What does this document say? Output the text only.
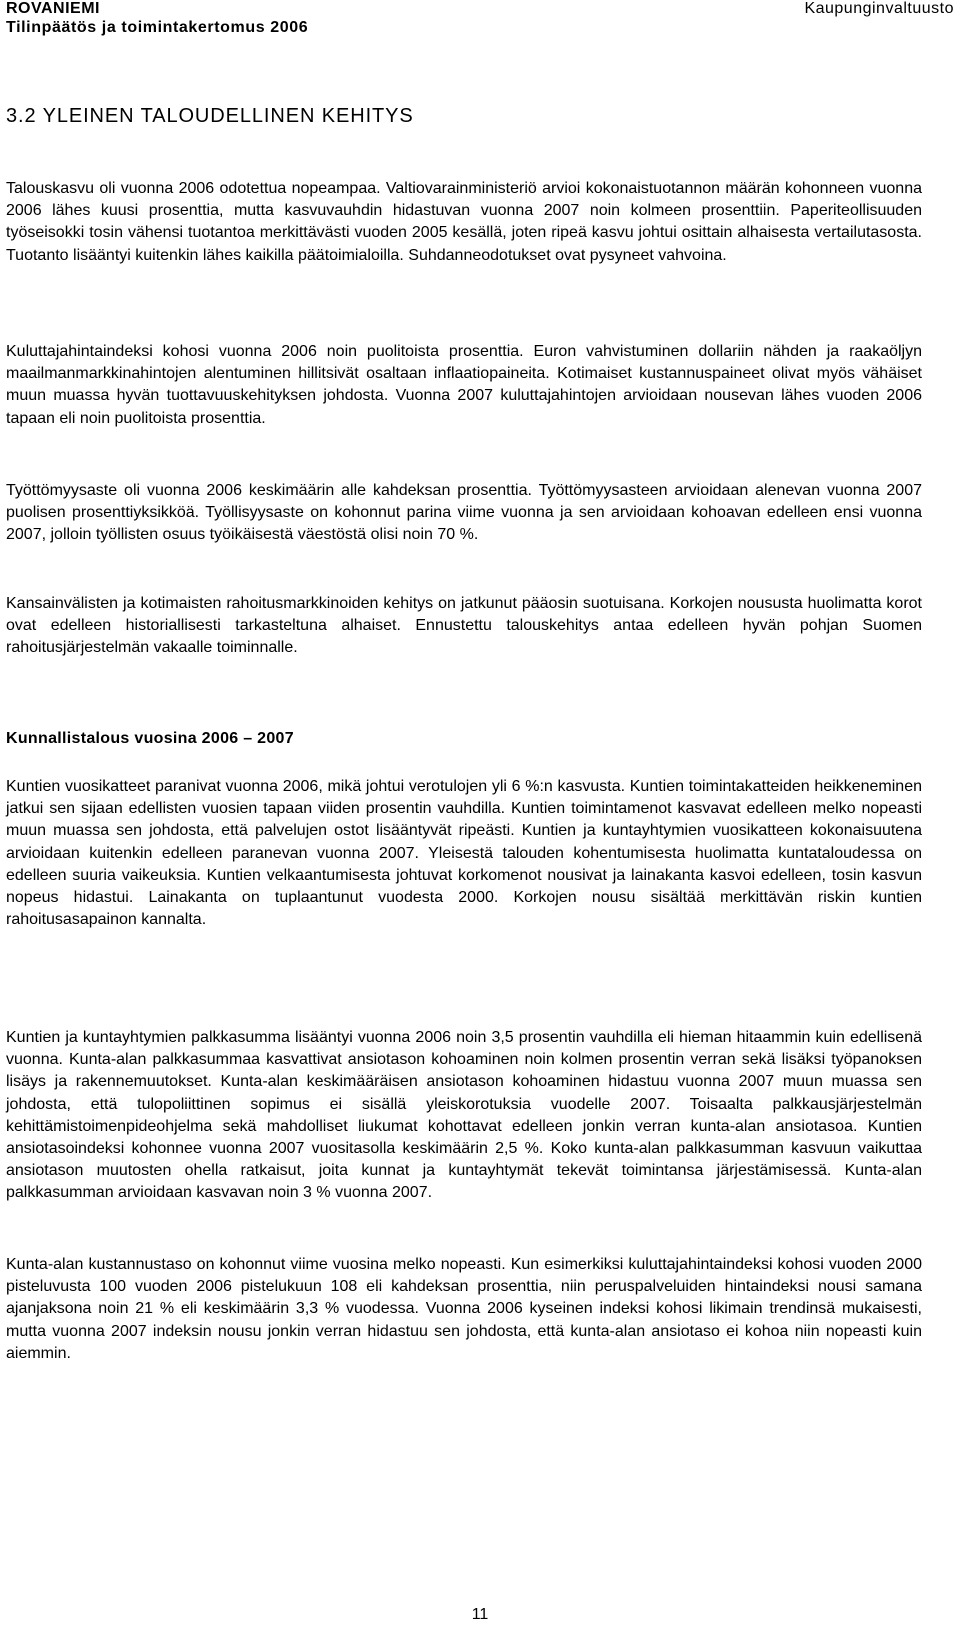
ROVANIEMI
Tilinpäätös ja toimintakertomus 2006
Kaupunginvaltuusto
3.2 YLEINEN TALOUDELLINEN KEHITYS

Talouskasvu oli vuonna 2006 odotettua nopeampaa. Valtiovarainministeriö arvioi kokonaistuotannon määrän kohonneen vuonna 2006 lähes kuusi prosenttia, mutta kasvuvauhdin hidastuvan vuonna 2007 noin kolmeen prosenttiin. Paperiteollisuuden työseisokki tosin vähensi tuotantoa merkittävästi vuoden 2005 kesällä, joten ripeä kasvu johtui osittain alhaisesta vertailutasosta. Tuotanto lisääntyi kuitenkin lähes kaikilla päätoimialoilla. Suhdanneodotukset ovat pysyneet vahvoina.

Kuluttajahintaindeksi kohosi vuonna 2006 noin puolitoista prosenttia. Euron vahvistuminen dollariin nähden ja raakaöljyn maailmanmarkkinahintojen alentuminen hillitsivät osaltaan inflaatiopaineita. Kotimaiset kustannuspaineet olivat myös vähäiset muun muassa hyvän tuottavuuskehityksen johdosta. Vuonna 2007 kuluttajahintojen arvioidaan nousevan lähes vuoden 2006 tapaan eli noin puolitoista prosenttia.

Työttömyysaste oli vuonna 2006 keskimäärin alle kahdeksan prosenttia. Työttömyysasteen arvioidaan alenevan vuonna 2007 puolisen prosenttiyksikköä. Työllisyysaste on kohonnut parina viime vuonna ja sen arvioidaan kohoavan edelleen ensi vuonna 2007, jolloin työllisten osuus työikäisestä väestöstä olisi noin 70 %.

Kansainvälisten ja kotimaisten rahoitusmarkkinoiden kehitys on jatkunut pääosin suotuisana. Korkojen noususta huolimatta korot ovat edelleen historiallisesti tarkasteltuna alhaiset. Ennustettu talouskehitys antaa edelleen hyvän pohjan Suomen rahoitusjärjestelmän vakaalle toiminnalle.

Kunnallistalous vuosina 2006 – 2007

Kuntien vuosikatteet paranivat vuonna 2006, mikä johtui verotulojen yli 6 %:n kasvusta. Kuntien toimintakatteiden heikkeneminen jatkui sen sijaan edellisten vuosien tapaan viiden prosentin vauhdilla. Kuntien toimintamenot kasvavat edelleen melko nopeasti muun muassa sen johdosta, että palvelujen ostot lisääntyvät ripeästi. Kuntien ja kuntayhtymien vuosikatteen kokonaisuutena arvioidaan kuitenkin edelleen paranevan vuonna 2007. Yleisestä talouden kohentumisesta huolimatta kuntataloudessa on edelleen suuria vaikeuksia. Kuntien velkaantumisesta johtuvat korkomenot nousivat ja lainakanta kasvoi edelleen, tosin kasvun nopeus hidastui. Lainakanta on tuplaantunut vuodesta 2000. Korkojen nousu sisältää merkittävän riskin kuntien rahoitusasapainon kannalta.

Kuntien ja kuntayhtymien palkkasumma lisääntyi vuonna 2006 noin 3,5 prosentin vauhdilla eli hieman hitaammin kuin edellisenä vuonna. Kunta-alan palkkasummaa kasvattivat ansiotason kohoaminen noin kolmen prosentin verran sekä lisäksi työpanoksen lisäys ja rakennemuutokset. Kunta-alan keskimääräisen ansiotason kohoaminen hidastuu vuonna 2007 muun muassa sen johdosta, että tulopoliittinen sopimus ei sisällä yleiskorotuksia vuodelle 2007. Toisaalta palkkausjärjestelmän kehittämistoimenpideohjelma sekä mahdolliset liukumat kohottavat edelleen jonkin verran kunta-alan ansiotasoa. Kuntien ansiotasoindeksi kohonnee vuonna 2007 vuositasolla keskimäärin 2,5 %. Koko kunta-alan palkkasumman kasvuun vaikuttaa ansiotason muutosten ohella ratkaisut, joita kunnat ja kuntayhtymät tekevät toimintansa järjestämisessä. Kunta-alan palkkasumman arvioidaan kasvavan noin 3 % vuonna 2007.

Kunta-alan kustannustaso on kohonnut viime vuosina melko nopeasti. Kun esimerkiksi kuluttajahintaindeksi kohosi vuoden 2000 pisteluvusta 100 vuoden 2006 pistelukuun 108 eli kahdeksan prosenttia, niin peruspalveluiden hintaindeksi nousi samana ajanjaksona noin 21 % eli keskimäärin 3,3 % vuodessa. Vuonna 2006 kyseinen indeksi kohosi likimain trendinsä mukaisesti, mutta vuonna 2007 indeksin nousu jonkin verran hidastuu sen johdosta, että kunta-alan ansiotaso ei kohoa niin nopeasti kuin aiemmin.

11
